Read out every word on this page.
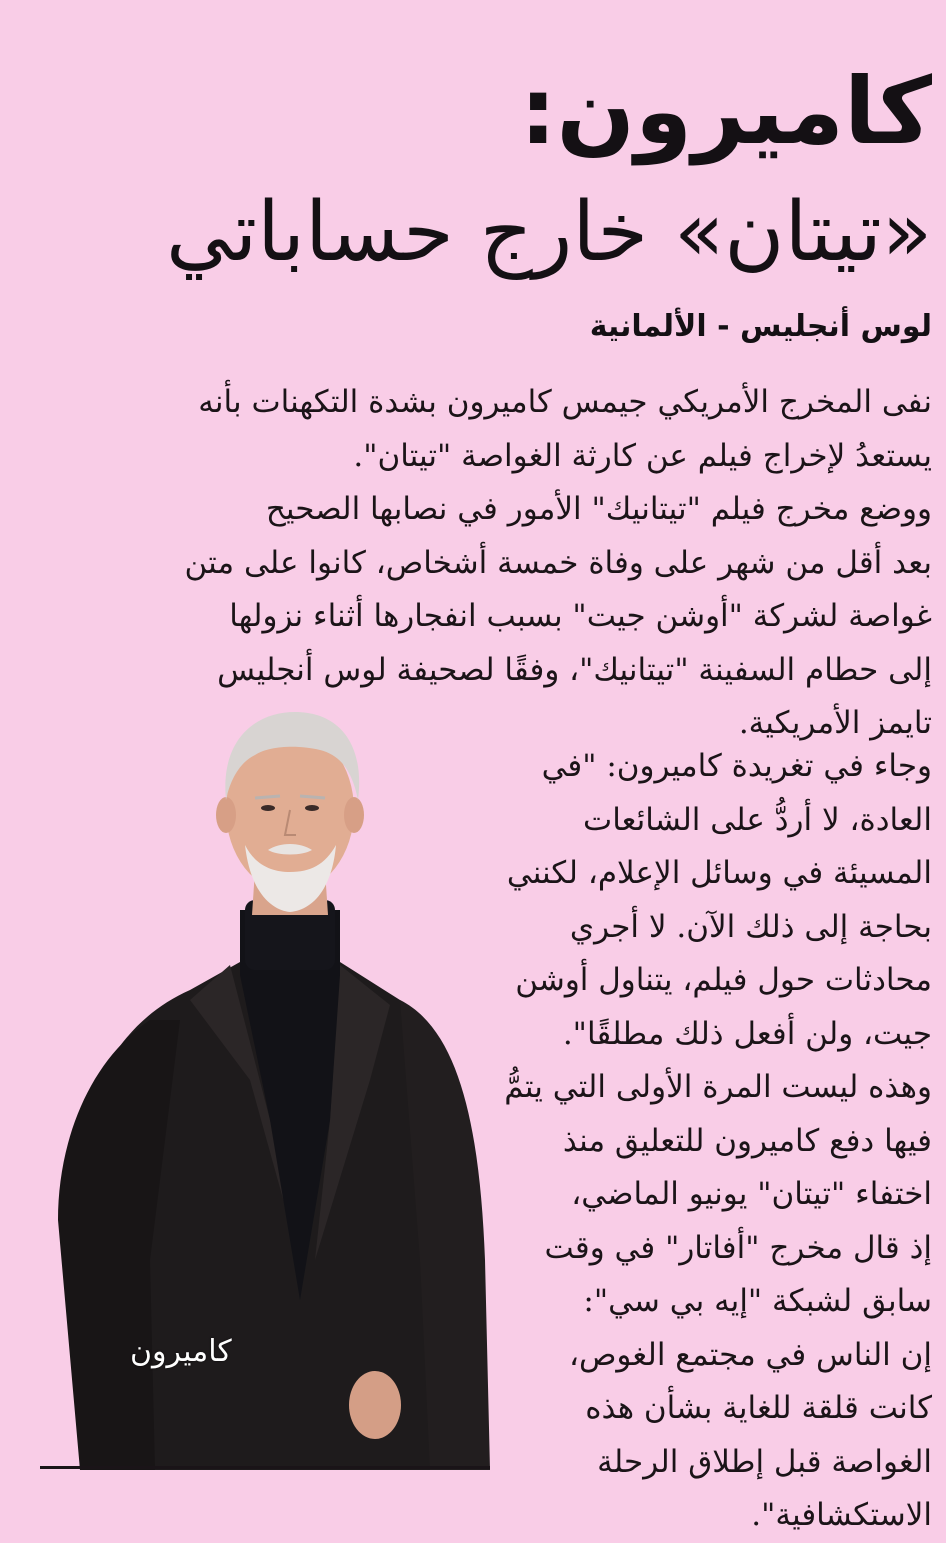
كاميرون:
«تيتان» خارج حساباتي
لوس أنجليس - الألمانية
نفى المخرج الأمريكي جيمس كاميرون بشدة التكهنات بأنه
يستعدُ لإخراج فيلم عن كارثة الغواصة "تيتان".
ووضع مخرج فيلم "تيتانيك" الأمور في نصابها الصحيح
بعد أقل من شهر على وفاة خمسة أشخاص، كانوا على متن
غواصة لشركة "أوشن جيت" بسبب انفجارها أثناء نزولها
إلى حطام السفينة "تيتانيك"، وفقًا لصحيفة لوس أنجليس
تايمز الأمريكية.
كاميرون
وجاء في تغريدة كاميرون: "في
العادة، لا أردُّ على الشائعات
المسيئة في وسائل الإعلام، لكنني
بحاجة إلى ذلك الآن. لا أجري
محادثات حول فيلم، يتناول أوشن
جيت، ولن أفعل ذلك مطلقًا".
وهذه ليست المرة الأولى التي يتمُّ
فيها دفع كاميرون للتعليق منذ
اختفاء "تيتان" يونيو الماضي،
إذ قال مخرج "أفاتار" في وقت
سابق لشبكة "إيه بي سي":
إن الناس في مجتمع الغوص،
كانت قلقة للغاية بشأن هذه
الغواصة قبل إطلاق الرحلة
الاستكشافية".
